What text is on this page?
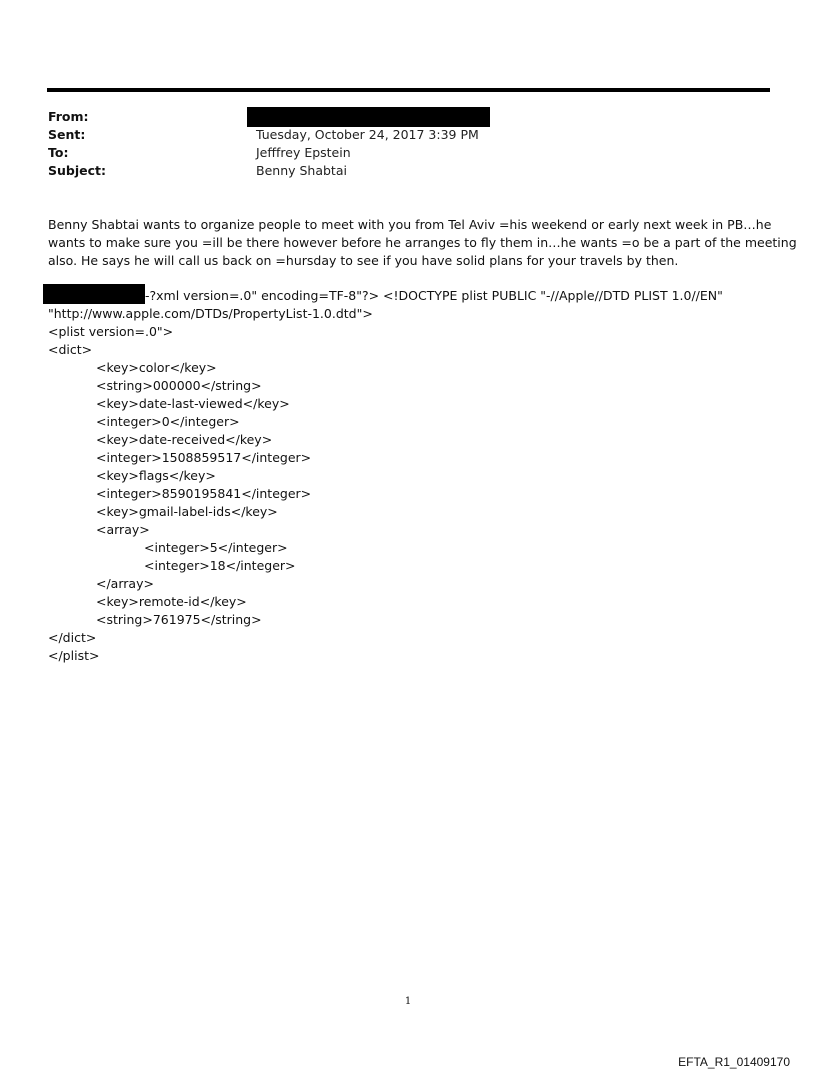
From:
Sent:	Tuesday, October 24, 2017 3:39 PM
To:	Jefffrey Epstein
Subject:	Benny Shabtai
Benny Shabtai wants to organize people to meet with you from Tel Aviv =his weekend or early next week in PB…he
wants to make sure you =ill be there however before he arranges to fly them in…he wants =o be a part of the meeting
also. He says he will call us back on =hursday to see if you have solid plans for your travels by then.
-?xml version=.0" encoding=TF-8"?> <!DOCTYPE plist PUBLIC "-//Apple//DTD PLIST 1.0//EN"
"http://www.apple.com/DTDs/PropertyList-1.0.dtd">
<plist version=.0">
<dict>
<key>color</key>
<string>000000</string>
<key>date-last-viewed</key>
<integer>0</integer>
<key>date-received</key>
<integer>1508859517</integer>
<key>flags</key>
<integer>8590195841</integer>
<key>gmail-label-ids</key>
<array>
<integer>5</integer>
<integer>18</integer>
</array>
<key>remote-id</key>
<string>761975</string>
</dict>
</plist>
1
EFTA_R1_01409170
